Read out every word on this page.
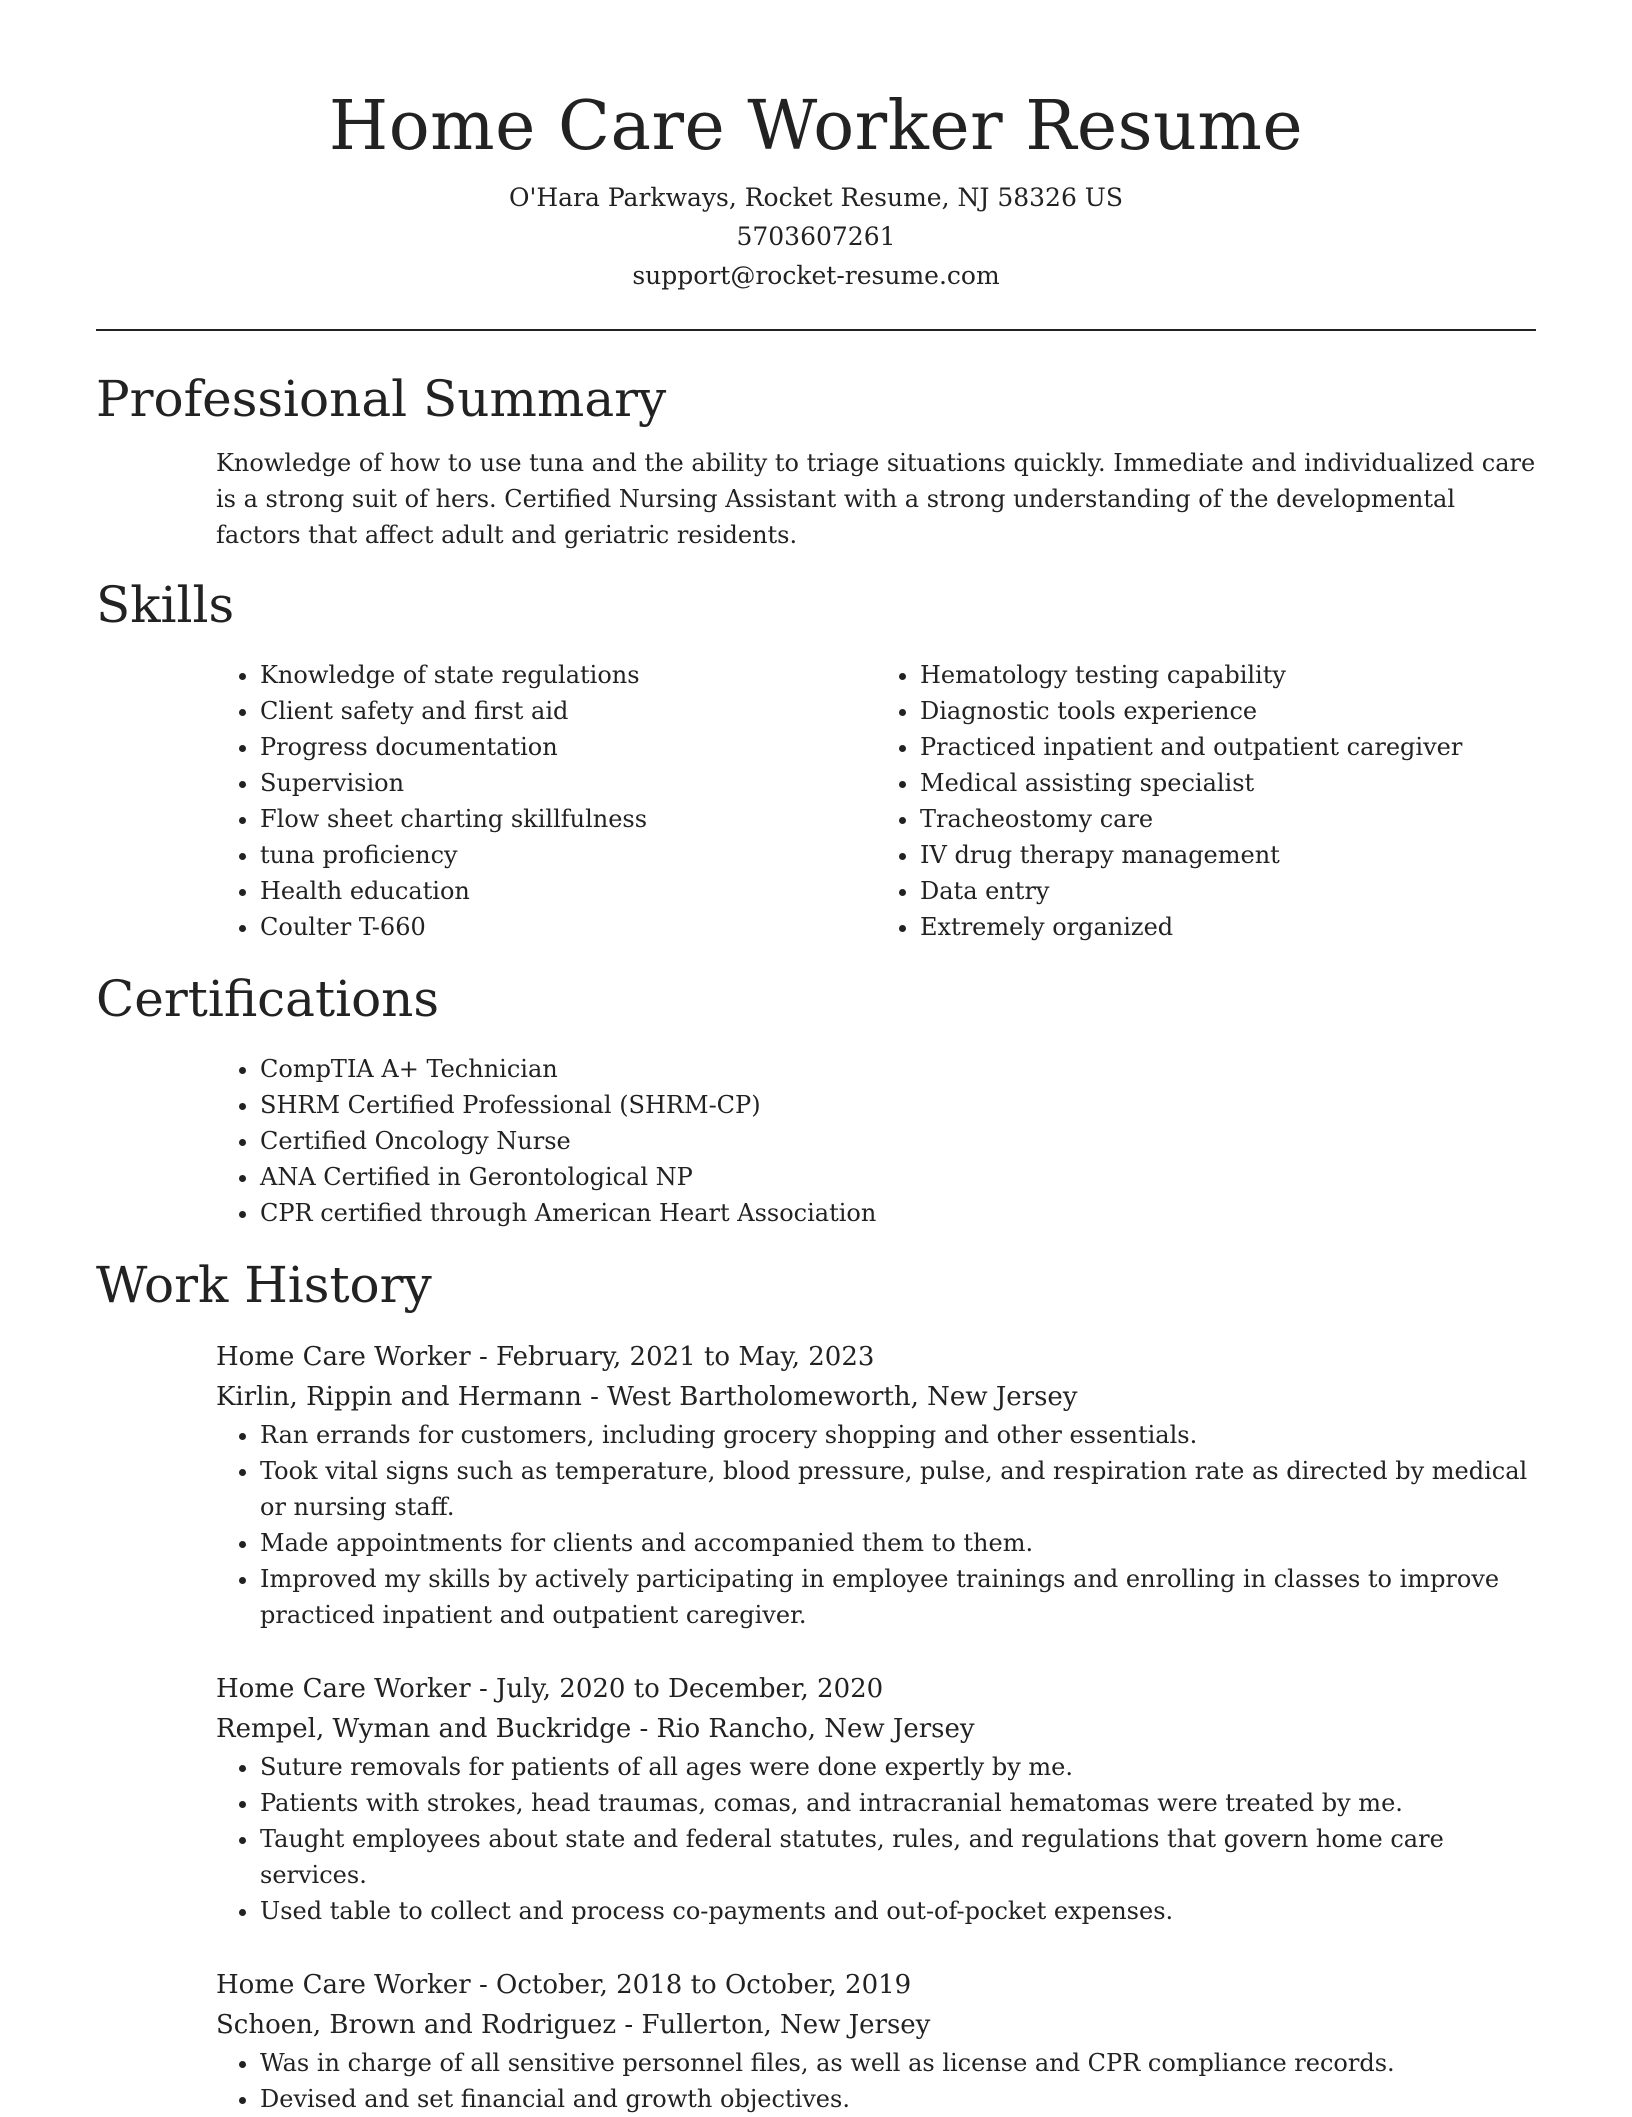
Home Care Worker Resume
O'Hara Parkways, Rocket Resume, NJ 58326 US
5703607261
support@rocket-resume.com
Professional Summary
Knowledge of how to use tuna and the ability to triage situations quickly. Immediate and individualized care is a strong suit of hers. Certified Nursing Assistant with a strong understanding of the developmental factors that affect adult and geriatric residents.
Skills
• Knowledge of state regulations
• Client safety and first aid
• Progress documentation
• Supervision
• Flow sheet charting skillfulness
• tuna proficiency
• Health education
• Coulter T-660
• Hematology testing capability
• Diagnostic tools experience
• Practiced inpatient and outpatient caregiver
• Medical assisting specialist
• Tracheostomy care
• IV drug therapy management
• Data entry
• Extremely organized
Certifications
• CompTIA A+ Technician
• SHRM Certified Professional (SHRM-CP)
• Certified Oncology Nurse
• ANA Certified in Gerontological NP
• CPR certified through American Heart Association
Work History
Home Care Worker - February, 2021 to May, 2023
Kirlin, Rippin and Hermann - West Bartholomeworth, New Jersey
• Ran errands for customers, including grocery shopping and other essentials.
• Took vital signs such as temperature, blood pressure, pulse, and respiration rate as directed by medical or nursing staff.
• Made appointments for clients and accompanied them to them.
• Improved my skills by actively participating in employee trainings and enrolling in classes to improve practiced inpatient and outpatient caregiver.
Home Care Worker - July, 2020 to December, 2020
Rempel, Wyman and Buckridge - Rio Rancho, New Jersey
• Suture removals for patients of all ages were done expertly by me.
• Patients with strokes, head traumas, comas, and intracranial hematomas were treated by me.
• Taught employees about state and federal statutes, rules, and regulations that govern home care services.
• Used table to collect and process co-payments and out-of-pocket expenses.
Home Care Worker - October, 2018 to October, 2019
Schoen, Brown and Rodriguez - Fullerton, New Jersey
• Was in charge of all sensitive personnel files, as well as license and CPR compliance records.
• Devised and set financial and growth objectives.
